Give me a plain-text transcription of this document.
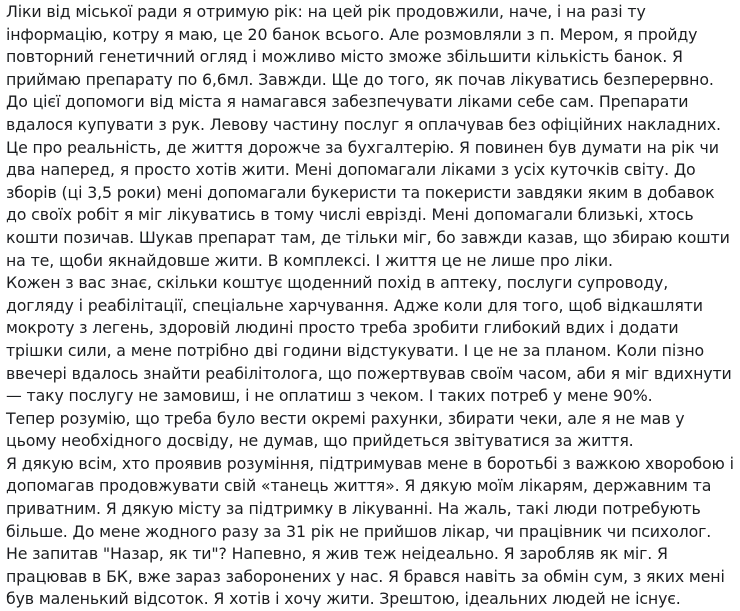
Ліки від міської ради я отримую рік: на цей рік продовжили, наче, і на разі ту інформацію, котру я маю, це 20 банок всього. Але розмовляли з п. Мером, я пройду повторний генетичний огляд і можливо місто зможе збільшити кількість банок. Я приймаю препарату по 6,6мл. Завжди. Ще до того, як почав лікуватись безперервно. До цієї допомоги від міста я намагався забезпечувати ліками себе сам. Препарати вдалося купувати з рук. Левову частину послуг я оплачував без офіційних накладних. Це про реальність, де життя дорожче за бухгалтерію. Я повинен був думати на рік чи два наперед, я просто хотів жити. Мені допомагали ліками з усіх куточків світу. До зборів (ці 3,5 роки) мені допомагали букеристи та покеристи завдяки яким в добавок до своїх робіт я міг лікуватись в тому числі еврізді. Мені допомагали близькі, хтось кошти позичав. Шукав препарат там, де тільки міг, бо завжди казав, що збираю кошти на те, щоби якнайдовше жити. В комплексі. І життя це не лише про ліки.

Кожен з вас знає, скільки коштує щоденний похід в аптеку, послуги супроводу, догляду і реабілітації, спеціальне харчування. Адже коли для того, щоб відкашляти мокроту з легень, здоровій людині просто треба зробити глибокий вдих і додати трішки сили, а мене потрібно дві години відстукувати. І це не за планом. Коли пізно ввечері вдалось знайти реабілітолога, що пожертвував своїм часом, аби я міг вдихнути — таку послугу не замовиш, і не оплатиш з чеком. І таких потреб у мене 90%.

Тепер розумію, що треба було вести окремі рахунки, збирати чеки, але я не мав у цьому необхідного досвіду, не думав, що прийдеться звітуватися за життя.

Я дякую всім, хто проявив розуміння, підтримував мене в боротьбі з важкою хворобою і допомагав продовжувати свій «танець життя». Я дякую моїм лікарям, державним та приватним. Я дякую місту за підтримку в лікуванні. На жаль, такі люди потребують більше. До мене жодного разу за 31 рік не прийшов лікар, чи працівник чи психолог. Не запитав "Назар, як ти"? Напевно, я жив теж неідеально. Я заробляв як міг. Я працював в БК, вже зараз заборонених у нас. Я брався навіть за обмін сум, з яких мені був маленький відсоток. Я хотів і хочу жити. Зрештою, ідеальних людей не існує.
